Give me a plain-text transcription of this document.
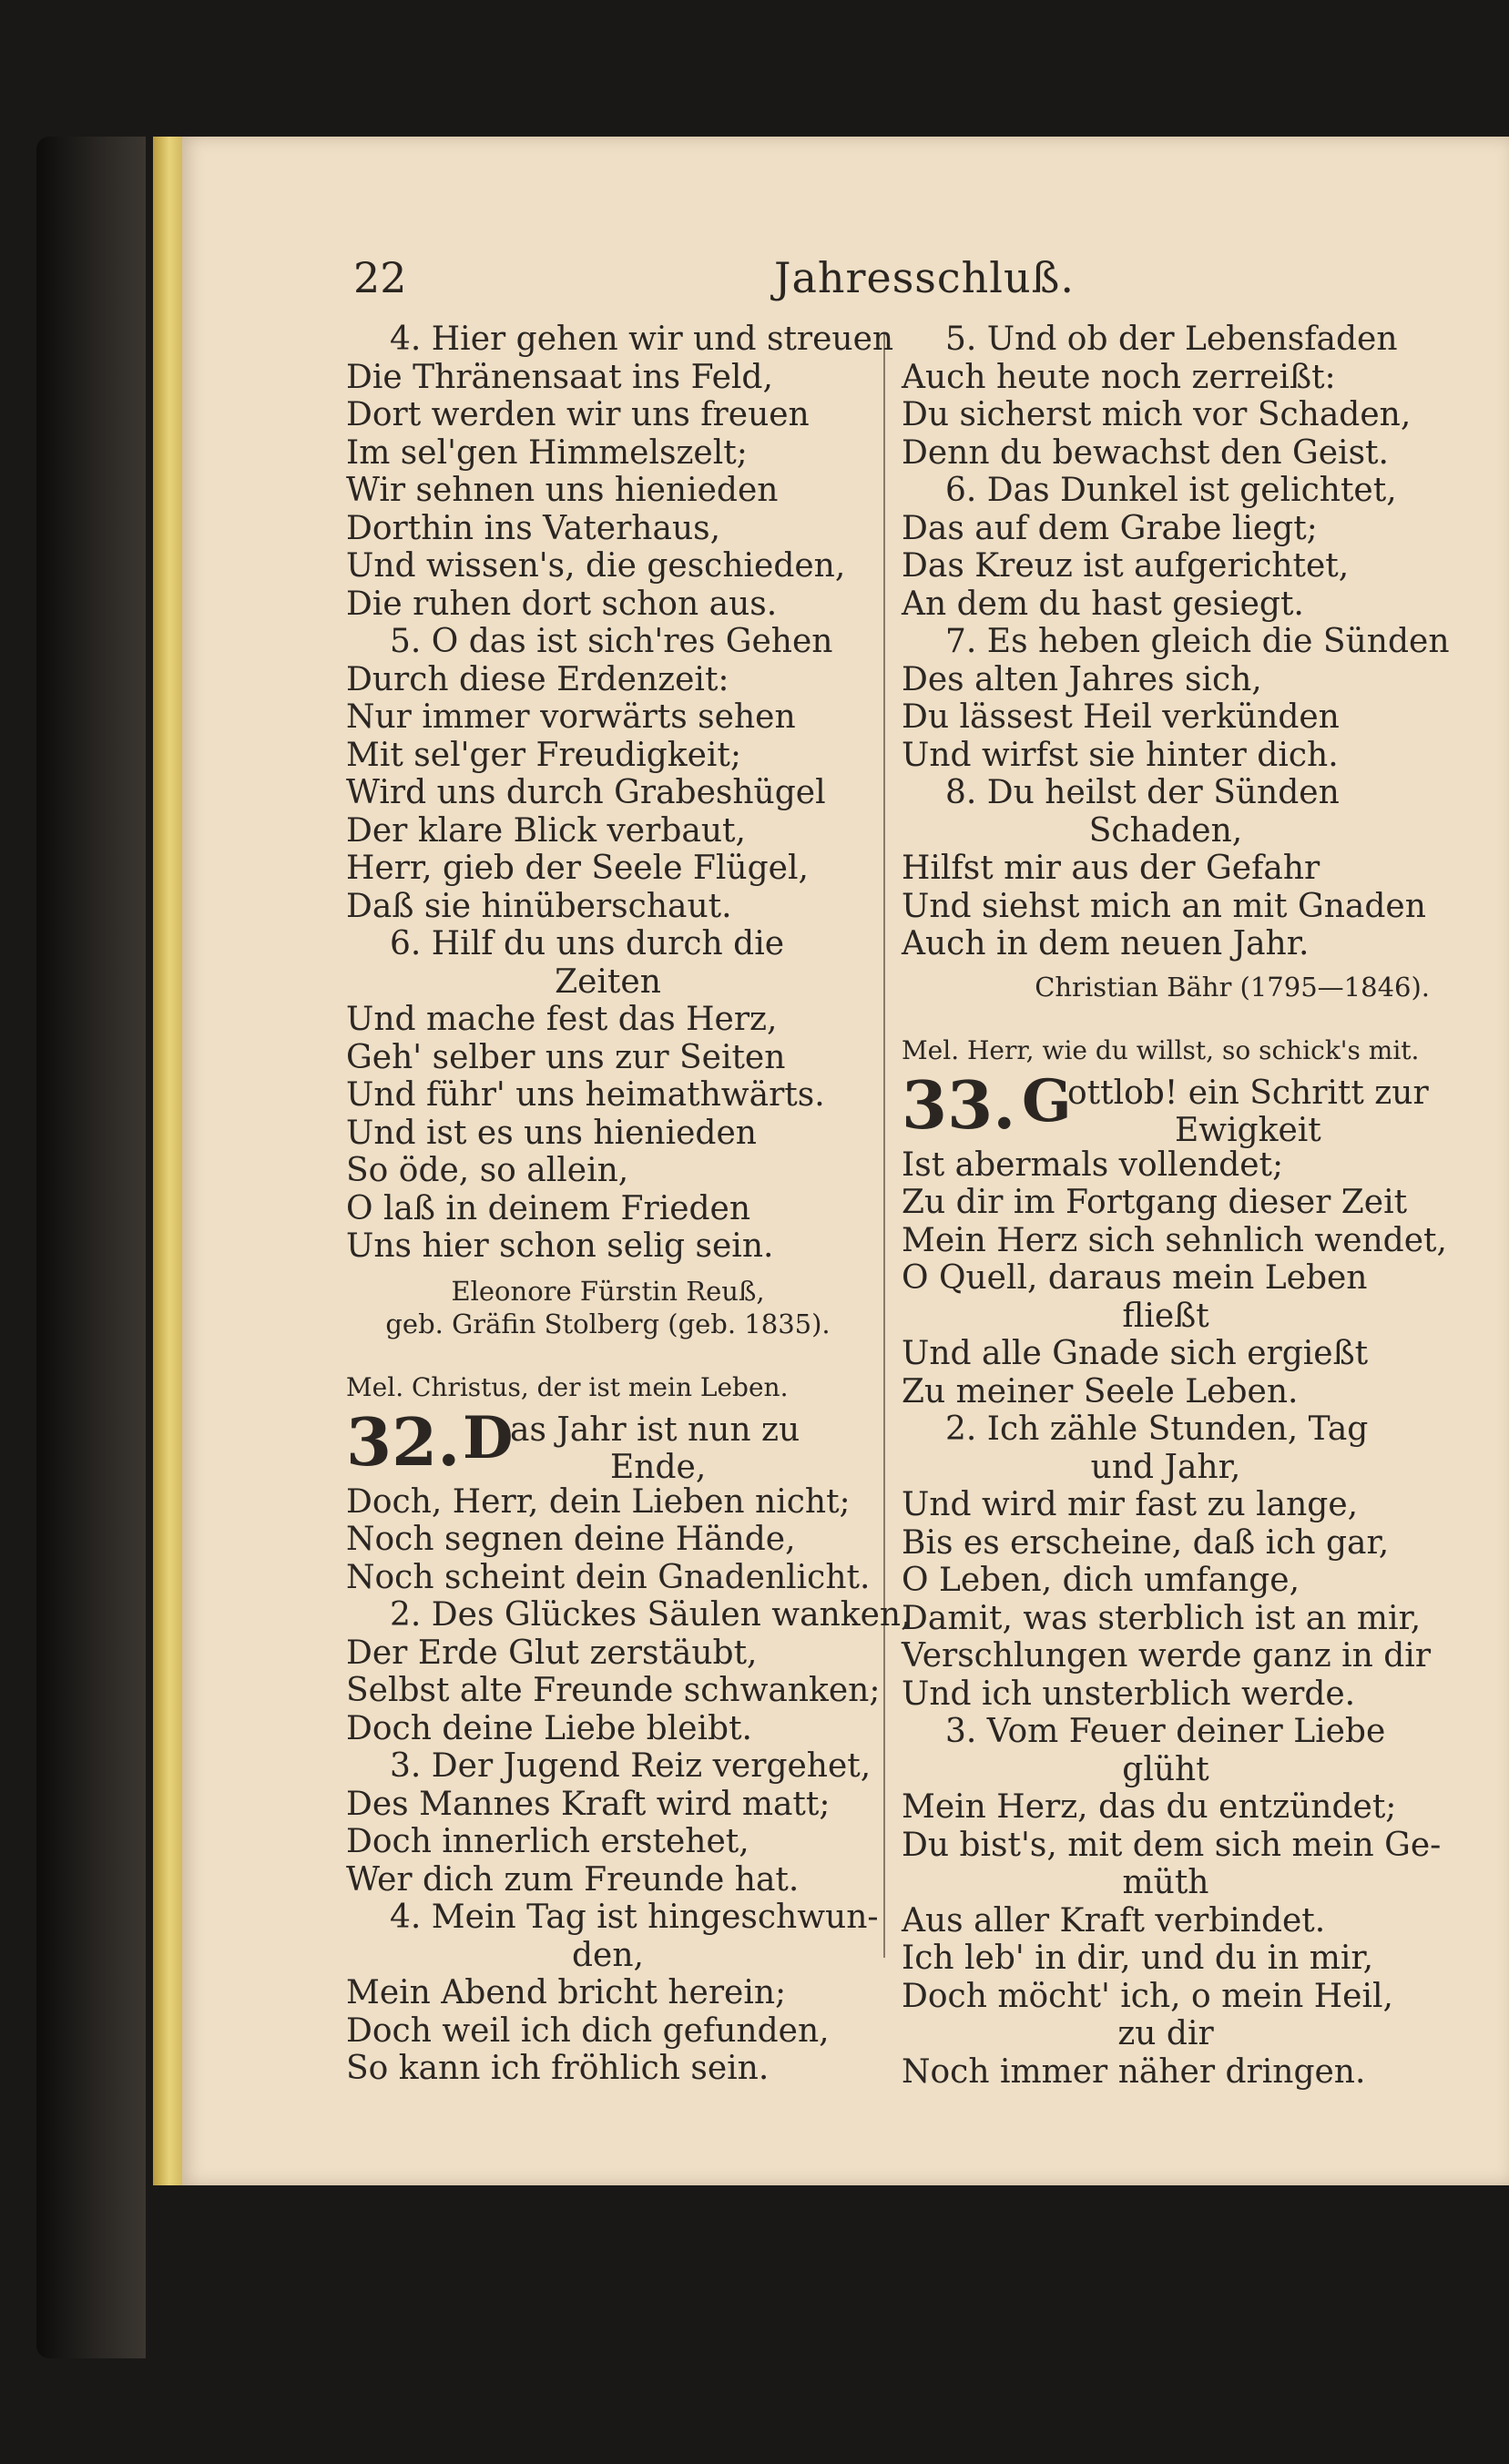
22	Jahresschluß.
4. Hier gehen wir und streuen
Die Thränensaat ins Feld,
Dort werden wir uns freuen
Im sel'gen Himmelszelt;
Wir sehnen uns hienieden
Dorthin ins Vaterhaus,
Und wissen's, die geschieden,
Die ruhen dort schon aus.
5. O das ist sich'res Gehen
Durch diese Erdenzeit:
Nur immer vorwärts sehen
Mit sel'ger Freudigkeit;
Wird uns durch Grabeshügel
Der klare Blick verbaut,
Herr, gieb der Seele Flügel,
Daß sie hinüberschaut.
6. Hilf du uns durch die
Zeiten
Und mache fest das Herz,
Geh' selber uns zur Seiten
Und führ' uns heimathwärts.
Und ist es uns hienieden
So öde, so allein,
O laß in deinem Frieden
Uns hier schon selig sein.
Eleonore Fürstin Reuß,
geb. Gräfin Stolberg (geb. 1835).
Mel. Christus, der ist mein Leben.
32. D
as Jahr ist nun zu
Ende,
Doch, Herr, dein Lieben nicht;
Noch segnen deine Hände,
Noch scheint dein Gnadenlicht.
2. Des Glückes Säulen wanken,
Der Erde Glut zerstäubt,
Selbst alte Freunde schwanken;
Doch deine Liebe bleibt.
3. Der Jugend Reiz vergehet,
Des Mannes Kraft wird matt;
Doch innerlich erstehet,
Wer dich zum Freunde hat.
4. Mein Tag ist hingeschwun-
den,
Mein Abend bricht herein;
Doch weil ich dich gefunden,
So kann ich fröhlich sein.
5. Und ob der Lebensfaden
Auch heute noch zerreißt:
Du sicherst mich vor Schaden,
Denn du bewachst den Geist.
6. Das Dunkel ist gelichtet,
Das auf dem Grabe liegt;
Das Kreuz ist aufgerichtet,
An dem du hast gesiegt.
7. Es heben gleich die Sünden
Des alten Jahres sich,
Du lässest Heil verkünden
Und wirfst sie hinter dich.
8. Du heilst der Sünden
Schaden,
Hilfst mir aus der Gefahr
Und siehst mich an mit Gnaden
Auch in dem neuen Jahr.
Christian Bähr (1795—1846).
Mel. Herr, wie du willst, so schick's mit.
33. G
ottlob! ein Schritt zur
Ewigkeit
Ist abermals vollendet;
Zu dir im Fortgang dieser Zeit
Mein Herz sich sehnlich wendet,
O Quell, daraus mein Leben
fließt
Und alle Gnade sich ergießt
Zu meiner Seele Leben.
2. Ich zähle Stunden, Tag
und Jahr,
Und wird mir fast zu lange,
Bis es erscheine, daß ich gar,
O Leben, dich umfange,
Damit, was sterblich ist an mir,
Verschlungen werde ganz in dir
Und ich unsterblich werde.
3. Vom Feuer deiner Liebe
glüht
Mein Herz, das du entzündet;
Du bist's, mit dem sich mein Ge-
müth
Aus aller Kraft verbindet.
Ich leb' in dir, und du in mir,
Doch möcht' ich, o mein Heil,
zu dir
Noch immer näher dringen.
